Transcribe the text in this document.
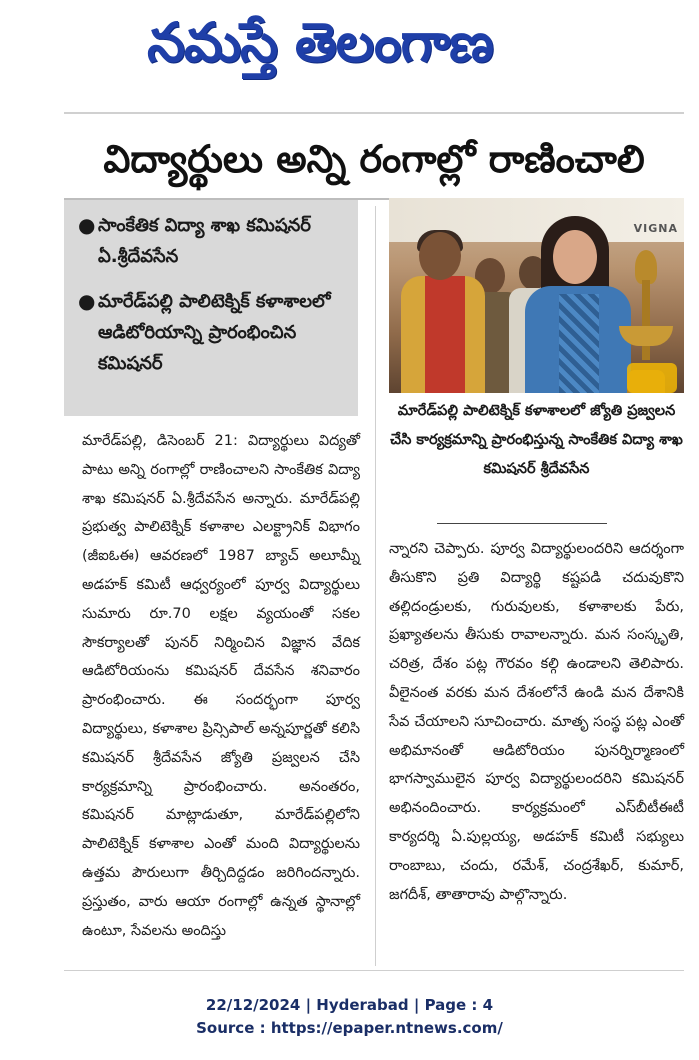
నమస్తే తెలంగాణ
విద్యార్థులు అన్ని రంగాల్లో రాణించాలి
● సాంకేతిక విద్యా శాఖ కమిషనర్ ఏ.శ్రీదేవసేన
● మారేడ్‌పల్లి పాలిటెక్నిక్ కళాశాలలో ఆడిటోరియాన్ని ప్రారంభించిన కమిషనర్
VIGNA
మారేడ్‌పల్లి పాలిటెక్నిక్ కళాశాలలో జ్యోతి ప్రజ్వలన చేసి కార్యక్రమాన్ని ప్రారంభిస్తున్న సాంకేతిక విద్యా శాఖ కమిషనర్ శ్రీదేవసేన
మారేడ్‌పల్లి, డిసెంబర్ 21: విద్యార్థులు విద్యతో పాటు అన్ని రంగాల్లో రాణించాలని సాంకేతిక విద్యా శాఖ కమిషనర్ ఏ.శ్రీదేవసేన అన్నారు. మారేడ్‌పల్లి ప్రభుత్వ పాలిటెక్నిక్ కళాశాల ఎలక్ట్రానిక్ విభాగం (జీఐఓఈ) ఆవరణలో 1987 బ్యాచ్ అలూమ్నీ అడహక్ కమిటీ ఆధ్వర్యంలో పూర్వ విద్యార్థులు సుమారు రూ.70 లక్షల వ్యయంతో సకల సౌకర్యాలతో పునర్ నిర్మించిన విజ్ఞాన వేదిక ఆడిటోరియంను కమిషనర్ దేవసేన శనివారం ప్రారంభించారు. ఈ సందర్భంగా పూర్వ విద్యార్థులు, కళాశాల ప్రిన్సిపాల్ అన్నపూర్ణతో కలిసి కమిషనర్ శ్రీదేవసేన జ్యోతి ప్రజ్వలన చేసి కార్యక్రమాన్ని ప్రారంభించారు. అనంతరం, కమిషనర్ మాట్లాడుతూ, మారేడ్‌పల్లిలోని పాలిటెక్నిక్ కళాశాల ఎంతో మంది విద్యార్థులను ఉత్తమ పౌరులుగా తీర్చిదిద్దడం జరిగిందన్నారు. ప్రస్తుతం, వారు ఆయా రంగాల్లో ఉన్నత స్థానాల్లో ఉంటూ, సేవలను అందిస్తు
న్నారని చెప్పారు. పూర్వ విద్యార్థులందరిని ఆదర్శంగా తీసుకొని ప్రతి విద్యార్థి కష్టపడి చదువుకొని తల్లిదండ్రులకు, గురువులకు, కళాశాలకు పేరు, ప్రఖ్యాతలను తీసుకు రావాలన్నారు. మన సంస్కృతి, చరిత్ర, దేశం పట్ల గౌరవం కల్గి ఉండాలని తెలిపారు. వీలైనంత వరకు మన దేశంలోనే ఉండి మన దేశానికి సేవ చేయాలని సూచించారు. మాతృ సంస్థ పట్ల ఎంతో అభిమానంతో ఆడిటోరియం పునర్నిర్మాణంలో భాగస్వాములైన పూర్వ విద్యార్థులందరిని కమిషనర్ అభినందించారు. కార్యక్రమంలో ఎస్‌బీటీఈటీ కార్యదర్శి ఏ.పుల్లయ్య, అడహక్ కమిటీ సభ్యులు రాంబాబు, చందు, రమేశ్, చంద్రశేఖర్, కుమార్, జగదీశ్, తాతారావు పాల్గొన్నారు.
22/12/2024 | Hyderabad | Page : 4
Source : https://epaper.ntnews.com/
